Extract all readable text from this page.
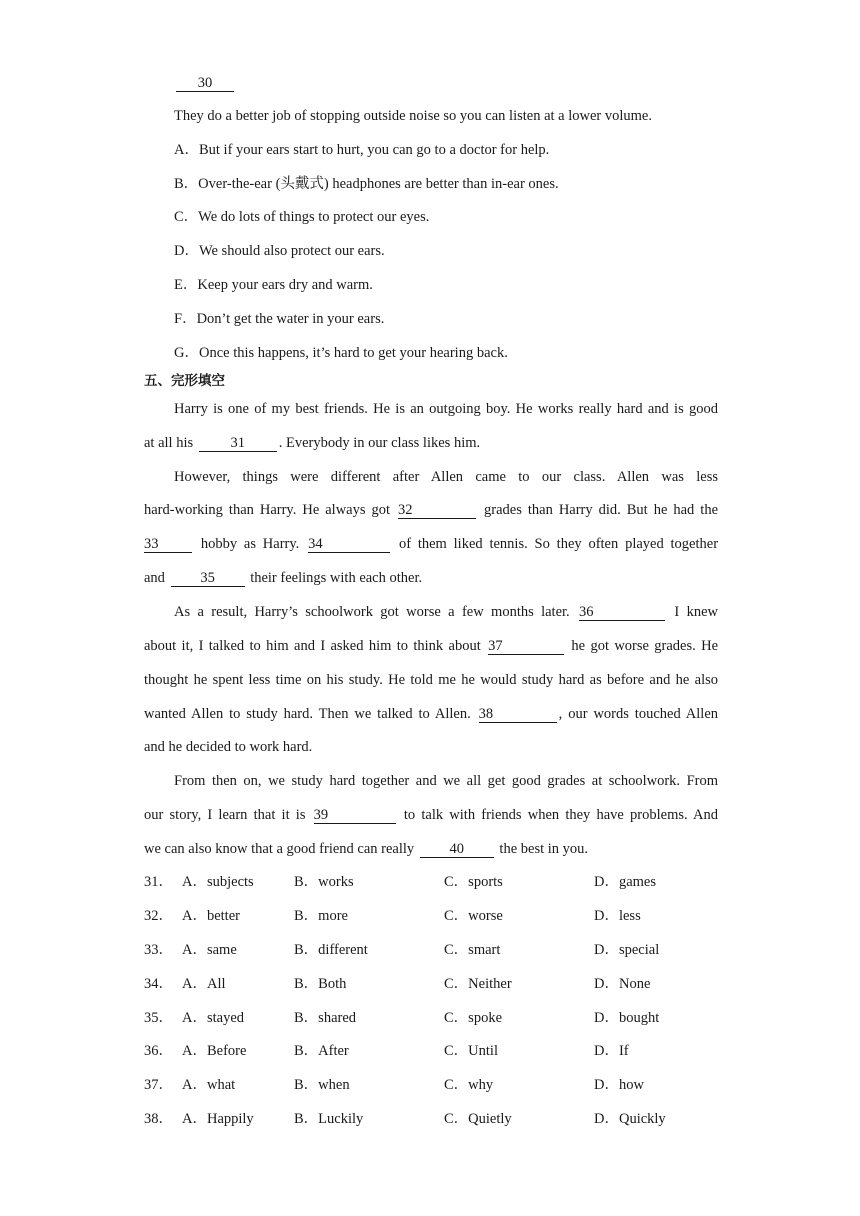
30
They do a better job of stopping outside noise so you can listen at a lower volume.
A．But if your ears start to hurt, you can go to a doctor for help.
B．Over-the-ear (头戴式) headphones are better than in-ear ones.
C．We do lots of things to protect our eyes.
D．We should also protect our ears.
E．Keep your ears dry and warm.
F．Don’t get the water in your ears.
G．Once this happens, it’s hard to get your hearing back.
五、完形填空
Harry is one of my best friends. He is an outgoing boy. He works really hard and is good
at all his 31 . Everybody in our class likes him.
However, things were different after Allen came to our class. Allen was less
hard-working than Harry. He always got 32	grades than Harry did. But he had the
33	hobby as Harry. 34	of them liked tennis. So they often played together
and 35 their feelings with each other.
As a result, Harry’s schoolwork got worse a few months later. 36	I knew
about it, I talked to him and I asked him to think about 37	he got worse grades. He
thought he spent less time on his study. He told me he would study hard as before and he also
wanted Allen to study hard. Then we talked to Allen. 38	, our words touched Allen
and he decided to work hard.
From then on, we study hard together and we all get good grades at schoolwork. From
our story, I learn that it is 39	to talk with friends when they have problems. And
we can also know that a good friend can really 40 the best in you.
31． A．subjects	B．works	C．sports	D．games
32． A．better	B．more	C．worse	D．less
33． A．same	B．different	C．smart	D．special
34． A．All	B．Both	C．Neither	D．None
35． A．stayed	B．shared	C．spoke	D．bought
36． A．Before	B．After	C．Until	D．If
37． A．what	B．when	C．why	D．how
38． A．Happily	B．Luckily	C．Quietly	D．Quickly
